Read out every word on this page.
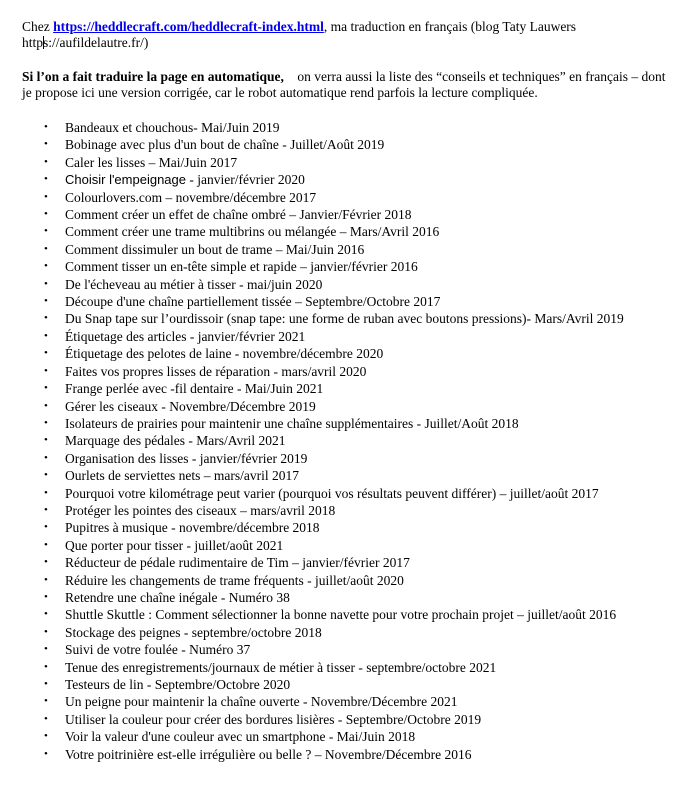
Chez https://heddlecraft.com/heddlecraft-index.html, ma traduction en français (blog Taty Lauwers
https://aufildelautre.fr/)

Si l’on a fait traduire la page en automatique,    on verra aussi la liste des “conseils et techniques” en français – dont je propose ici une version corrigée, car le robot automatique rend parfois la lecture compliquée.

• Bandeaux et chouchous- Mai/Juin 2019
• Bobinage avec plus d'un bout de chaîne - Juillet/Août 2019
• Caler les lisses – Mai/Juin 2017
• Choisir l'empeignage - janvier/février 2020
• Colourlovers.com – novembre/décembre 2017
• Comment créer un effet de chaîne ombré – Janvier/Février 2018
• Comment créer une trame multibrins ou mélangée – Mars/Avril 2016
• Comment dissimuler un bout de trame – Mai/Juin 2016
• Comment tisser un en-tête simple et rapide – janvier/février 2016
• De l'écheveau au métier à tisser - mai/juin 2020
• Découpe d'une chaîne partiellement tissée – Septembre/Octobre 2017
• Du Snap tape sur l’ourdissoir (snap tape: une forme de ruban avec boutons pressions)- Mars/Avril 2019
• Étiquetage des articles - janvier/février 2021
• Étiquetage des pelotes de laine - novembre/décembre 2020
• Faites vos propres lisses de réparation - mars/avril 2020
• Frange perlée avec -fil dentaire - Mai/Juin 2021
• Gérer les ciseaux - Novembre/Décembre 2019
• Isolateurs de prairies pour maintenir une chaîne supplémentaires - Juillet/Août 2018
• Marquage des pédales - Mars/Avril 2021
• Organisation des lisses - janvier/février 2019
• Ourlets de serviettes nets – mars/avril 2017
• Pourquoi votre kilométrage peut varier (pourquoi vos résultats peuvent différer) – juillet/août 2017
• Protéger les pointes des ciseaux – mars/avril 2018
• Pupitres à musique - novembre/décembre 2018
• Que porter pour tisser - juillet/août 2021
• Réducteur de pédale rudimentaire de Tim – janvier/février 2017
• Réduire les changements de trame fréquents - juillet/août 2020
• Retendre une chaîne inégale - Numéro 38
• Shuttle Skuttle : Comment sélectionner la bonne navette pour votre prochain projet – juillet/août 2016
• Stockage des peignes - septembre/octobre 2018
• Suivi de votre foulée - Numéro 37
• Tenue des enregistrements/journaux de métier à tisser - septembre/octobre 2021
• Testeurs de lin - Septembre/Octobre 2020
• Un peigne pour maintenir la chaîne ouverte - Novembre/Décembre 2021
• Utiliser la couleur pour créer des bordures lisières - Septembre/Octobre 2019
• Voir la valeur d'une couleur avec un smartphone - Mai/Juin 2018
• Votre poitrinière est-elle irrégulière ou belle ? – Novembre/Décembre 2016
